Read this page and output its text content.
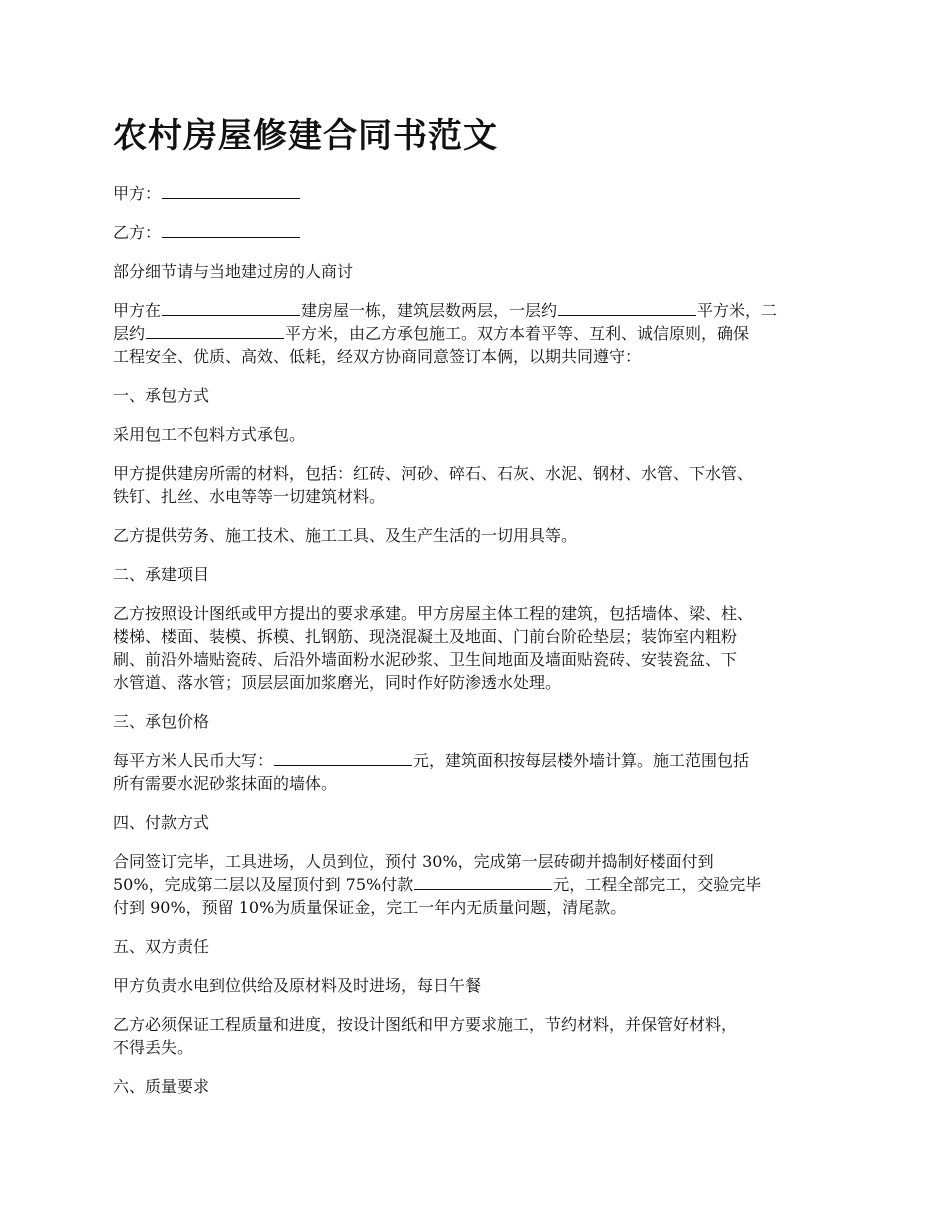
农村房屋修建合同书范文

甲方：

乙方：

部分细节请与当地建过房的人商讨

甲方在	建房屋一栋，建筑层数两层，一层约	平方米，二
层约	平方米，由乙方承包施工。双方本着平等、互利、诚信原则，确保
工程安全、优质、高效、低耗，经双方协商同意签订本俩，以期共同遵守：

一、承包方式

采用包工不包料方式承包。

甲方提供建房所需的材料，包括：红砖、河砂、碎石、石灰、水泥、钢材、水管、下水管、
铁钉、扎丝、水电等等一切建筑材料。

乙方提供劳务、施工技术、施工工具、及生产生活的一切用具等。

二、承建项目

乙方按照设计图纸或甲方提出的要求承建。甲方房屋主体工程的建筑，包括墙体、梁、柱、
楼梯、楼面、装模、拆模、扎钢筋、现浇混凝土及地面、门前台阶砼垫层；装饰室内粗粉
刷、前沿外墙贴瓷砖、后沿外墙面粉水泥砂浆、卫生间地面及墙面贴瓷砖、安装瓷盆、下
水管道、落水管；顶层层面加浆磨光，同时作好防渗透水处理。

三、承包价格

每平方米人民币大写：	元，建筑面积按每层楼外墙计算。施工范围包括
所有需要水泥砂浆抹面的墙体。

四、付款方式

合同签订完毕，工具进场，人员到位，预付 30%，完成第一层砖砌并捣制好楼面付到
50%，完成第二层以及屋顶付到 75%付款	元，工程全部完工，交验完毕
付到 90%，预留 10%为质量保证金，完工一年内无质量问题，清尾款。

五、双方责任

甲方负责水电到位供给及原材料及时进场，每日午餐

乙方必须保证工程质量和进度，按设计图纸和甲方要求施工，节约材料，并保管好材料，
不得丢失。

六、质量要求
